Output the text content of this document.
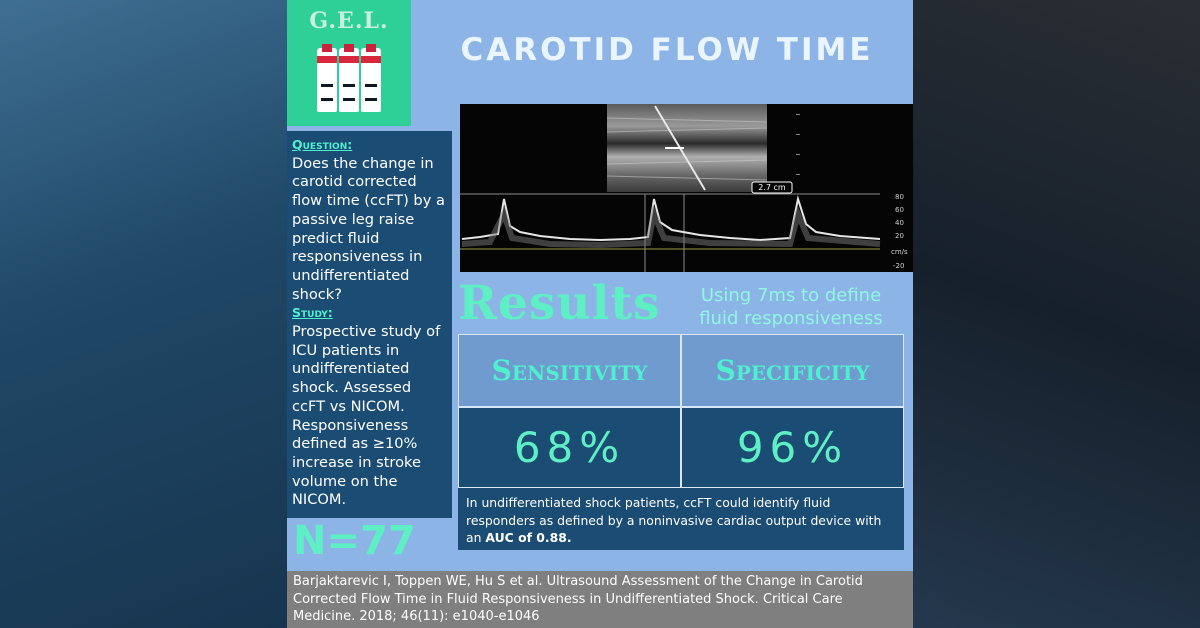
G.E.L.
CAROTID FLOW TIME
Question:
Does the change in carotid corrected flow time (ccFT) by a passive leg raise predict fluid responsiveness in undifferentiated shock?
Study:
Prospective study of ICU patients in undifferentiated shock. Assessed ccFT vs NICOM. Responsiveness defined as ≥10% increase in stroke volume on the NICOM.
2.7 cm
80
60
40
20
cm/s
-20
Results	Using 7ms to define fluid responsiveness
Sensitivity	Specificity
68%	96%
In undifferentiated shock patients, ccFT could identify fluid responders as defined by a noninvasive cardiac output device with an AUC of 0.88.
N=77
Barjaktarevic I, Toppen WE, Hu S et al. Ultrasound Assessment of the Change in Carotid Corrected Flow Time in Fluid Responsiveness in Undifferentiated Shock. Critical Care Medicine. 2018; 46(11): e1040-e1046
